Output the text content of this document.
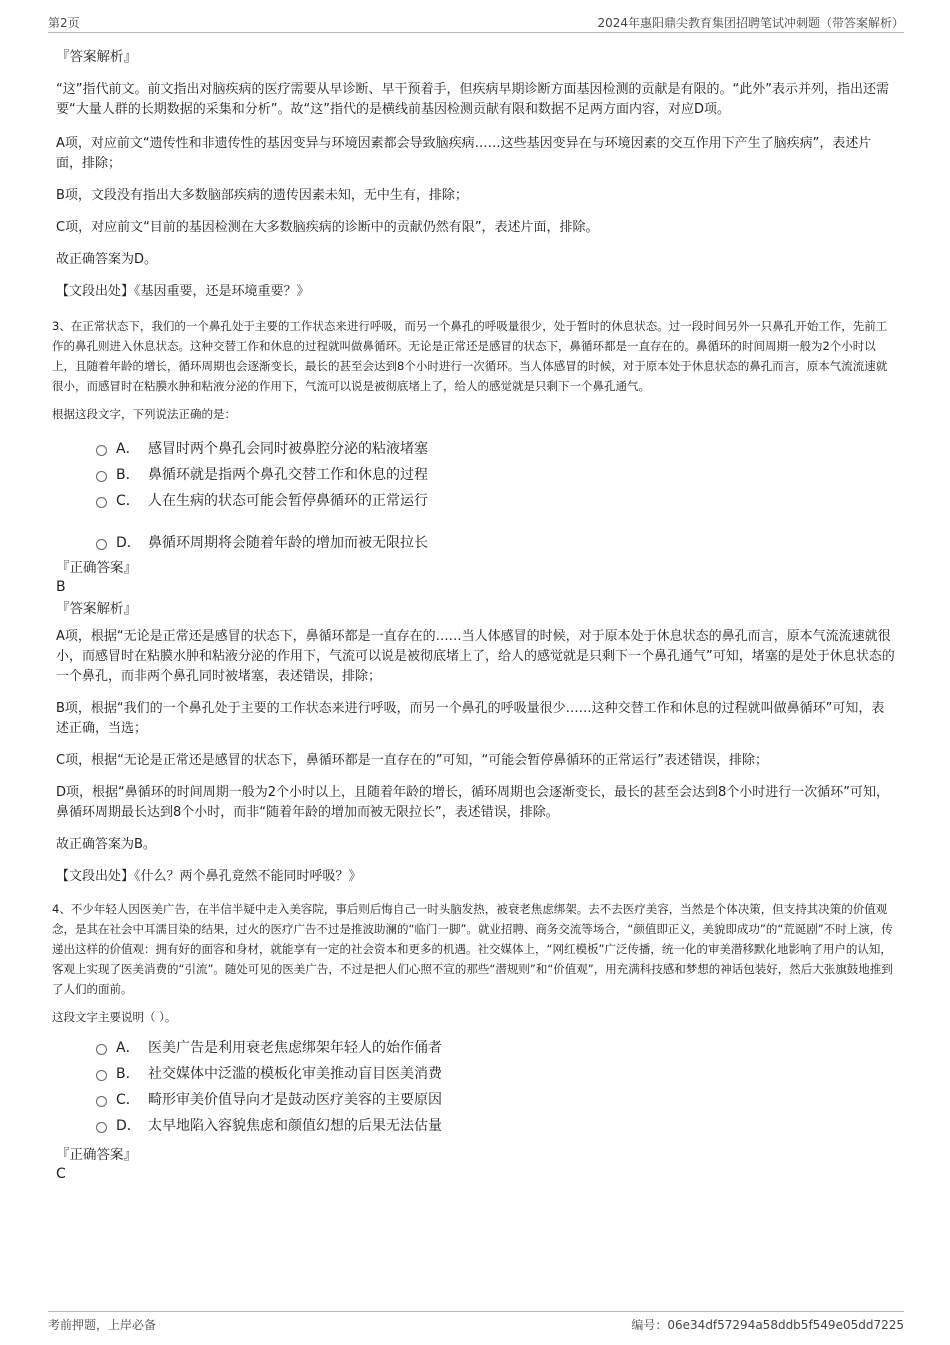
第2页	2024年惠阳鼎尖教育集团招聘笔试冲刺题（带答案解析）
『答案解析』

“这”指代前文。前文指出对脑疾病的医疗需要从早诊断、早干预着手，但疾病早期诊断方面基因检测的贡献是有限的。“此外”表示并列，指出还需要“大量人群的长期数据的采集和分析”。故“这”指代的是横线前基因检测贡献有限和数据不足两方面内容，对应D项。

A项，对应前文“遗传性和非遗传性的基因变异与环境因素都会导致脑疾病……这些基因变异在与环境因素的交互作用下产生了脑疾病”，表述片面，排除；

B项，文段没有指出大多数脑部疾病的遗传因素未知，无中生有，排除；

C项，对应前文“目前的基因检测在大多数脑疾病的诊断中的贡献仍然有限”，表述片面，排除。

故正确答案为D。

【文段出处】《基因重要，还是环境重要？》

3、在正常状态下，我们的一个鼻孔处于主要的工作状态来进行呼吸，而另一个鼻孔的呼吸量很少，处于暂时的休息状态。过一段时间另外一只鼻孔开始工作，先前工作的鼻孔则进入休息状态。这种交替工作和休息的过程就叫做鼻循环。无论是正常还是感冒的状态下，鼻循环都是一直存在的。鼻循环的时间周期一般为2个小时以上，且随着年龄的增长，循环周期也会逐渐变长，最长的甚至会达到8个小时进行一次循环。当人体感冒的时候，对于原本处于休息状态的鼻孔而言，原本气流流速就很小，而感冒时在粘膜水肿和粘液分泌的作用下，气流可以说是被彻底堵上了，给人的感觉就是只剩下一个鼻孔通气。

根据这段文字，下列说法正确的是：

A． 感冒时两个鼻孔会同时被鼻腔分泌的粘液堵塞
B． 鼻循环就是指两个鼻孔交替工作和休息的过程
C． 人在生病的状态可能会暂停鼻循环的正常运行
D． 鼻循环周期将会随着年龄的增加而被无限拉长
『正确答案』
B
『答案解析』

A项，根据“无论是正常还是感冒的状态下，鼻循环都是一直存在的……当人体感冒的时候，对于原本处于休息状态的鼻孔而言，原本气流流速就很小，而感冒时在粘膜水肿和粘液分泌的作用下，气流可以说是被彻底堵上了，给人的感觉就是只剩下一个鼻孔通气”可知，堵塞的是处于休息状态的一个鼻孔，而非两个鼻孔同时被堵塞，表述错误，排除；

B项，根据“我们的一个鼻孔处于主要的工作状态来进行呼吸，而另一个鼻孔的呼吸量很少……这种交替工作和休息的过程就叫做鼻循环”可知，表述正确，当选；

C项，根据“无论是正常还是感冒的状态下，鼻循环都是一直存在的”可知，“可能会暂停鼻循环的正常运行”表述错误，排除；

D项，根据“鼻循环的时间周期一般为2个小时以上，且随着年龄的增长，循环周期也会逐渐变长，最长的甚至会达到8个小时进行一次循环”可知，鼻循环周期最长达到8个小时，而非“随着年龄的增加而被无限拉长”，表述错误，排除。

故正确答案为B。

【文段出处】《什么？两个鼻孔竟然不能同时呼吸？》

4、不少年轻人因医美广告，在半信半疑中走入美容院，事后则后悔自己一时头脑发热，被衰老焦虑绑架。去不去医疗美容，当然是个体决策，但支持其决策的价值观念，是其在社会中耳濡目染的结果，过火的医疗广告不过是推波助澜的“临门一脚”。就业招聘、商务交流等场合，“颜值即正义，美貌即成功”的“荒诞剧”不时上演，传递出这样的价值观：拥有好的面容和身材，就能享有一定的社会资本和更多的机遇。社交媒体上，“网红模板”广泛传播，统一化的审美潜移默化地影响了用户的认知，客观上实现了医美消费的“引流”。随处可见的医美广告，不过是把人们心照不宣的那些“潜规则”和“价值观”，用充满科技感和梦想的神话包装好，然后大张旗鼓地推到了人们的面前。

这段文字主要说明（ ）。

A． 医美广告是利用衰老焦虑绑架年轻人的始作俑者
B． 社交媒体中泛滥的模板化审美推动盲目医美消费
C． 畸形审美价值导向才是鼓动医疗美容的主要原因
D． 太早地陷入容貌焦虑和颜值幻想的后果无法估量
『正确答案』
C
考前押题，上岸必备	编号：06e34df57294a58ddb5f549e05dd7225
